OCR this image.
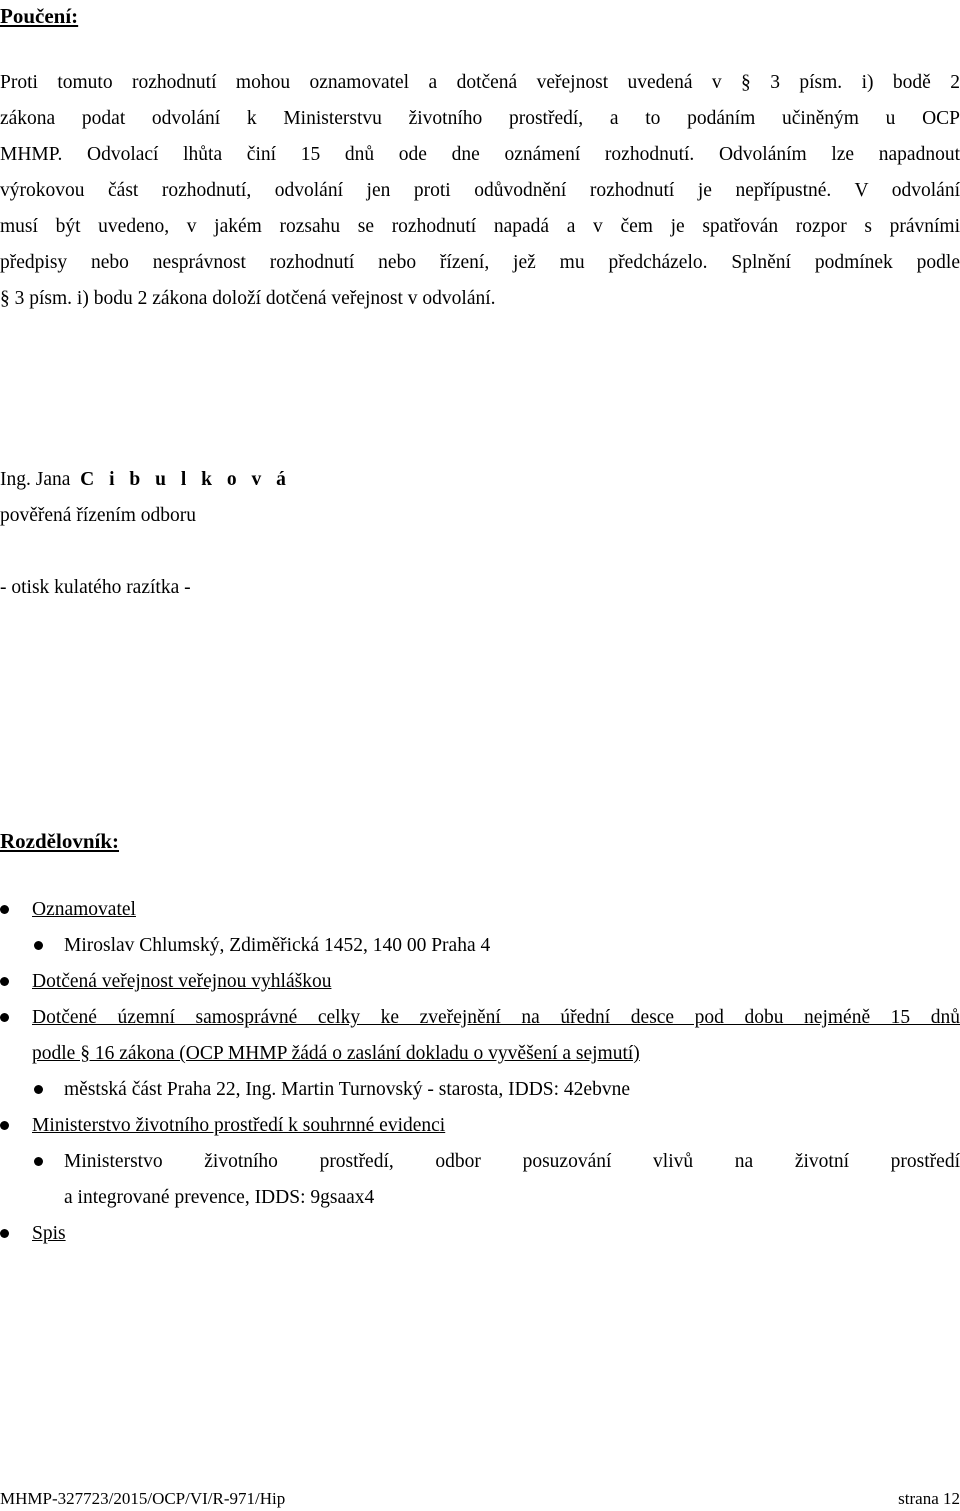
Poučení:
Proti tomuto rozhodnutí mohou oznamovatel a dotčená veřejnost uvedená v § 3 písm. i) bodě 2
zákona podat odvolání k Ministerstvu životního prostředí, a to podáním učiněným u OCP
MHMP. Odvolací lhůta činí 15 dnů ode dne oznámení rozhodnutí. Odvoláním lze napadnout
výrokovou část rozhodnutí, odvolání jen proti odůvodnění rozhodnutí je nepřípustné. V odvolání
musí být uvedeno, v jakém rozsahu se rozhodnutí napadá a v čem je spatřován rozpor s právními
předpisy nebo nesprávnost rozhodnutí nebo řízení, jež mu předcházelo. Splnění podmínek podle
§ 3 písm. i) bodu 2 zákona doloží dotčená veřejnost v odvolání.
Ing. Jana C i b u l k o v á
pověřená řízením odboru
- otisk kulatého razítka -
Rozdělovník:
Oznamovatel
Miroslav Chlumský, Zdiměřická 1452, 140 00 Praha 4
Dotčená veřejnost veřejnou vyhláškou
Dotčené územní samosprávné celky ke zveřejnění na úřední desce pod dobu nejméně 15 dnů
podle § 16 zákona (OCP MHMP žádá o zaslání dokladu o vyvěšení a sejmutí)
městská část Praha 22, Ing. Martin Turnovský - starosta, IDDS: 42ebvne
Ministerstvo životního prostředí k souhrnné evidenci
Ministerstvo životního prostředí, odbor posuzování vlivů na životní prostředí
a integrované prevence, IDDS: 9gsaax4
Spis
MHMP-327723/2015/OCP/VI/R-971/Hip	strana 12
